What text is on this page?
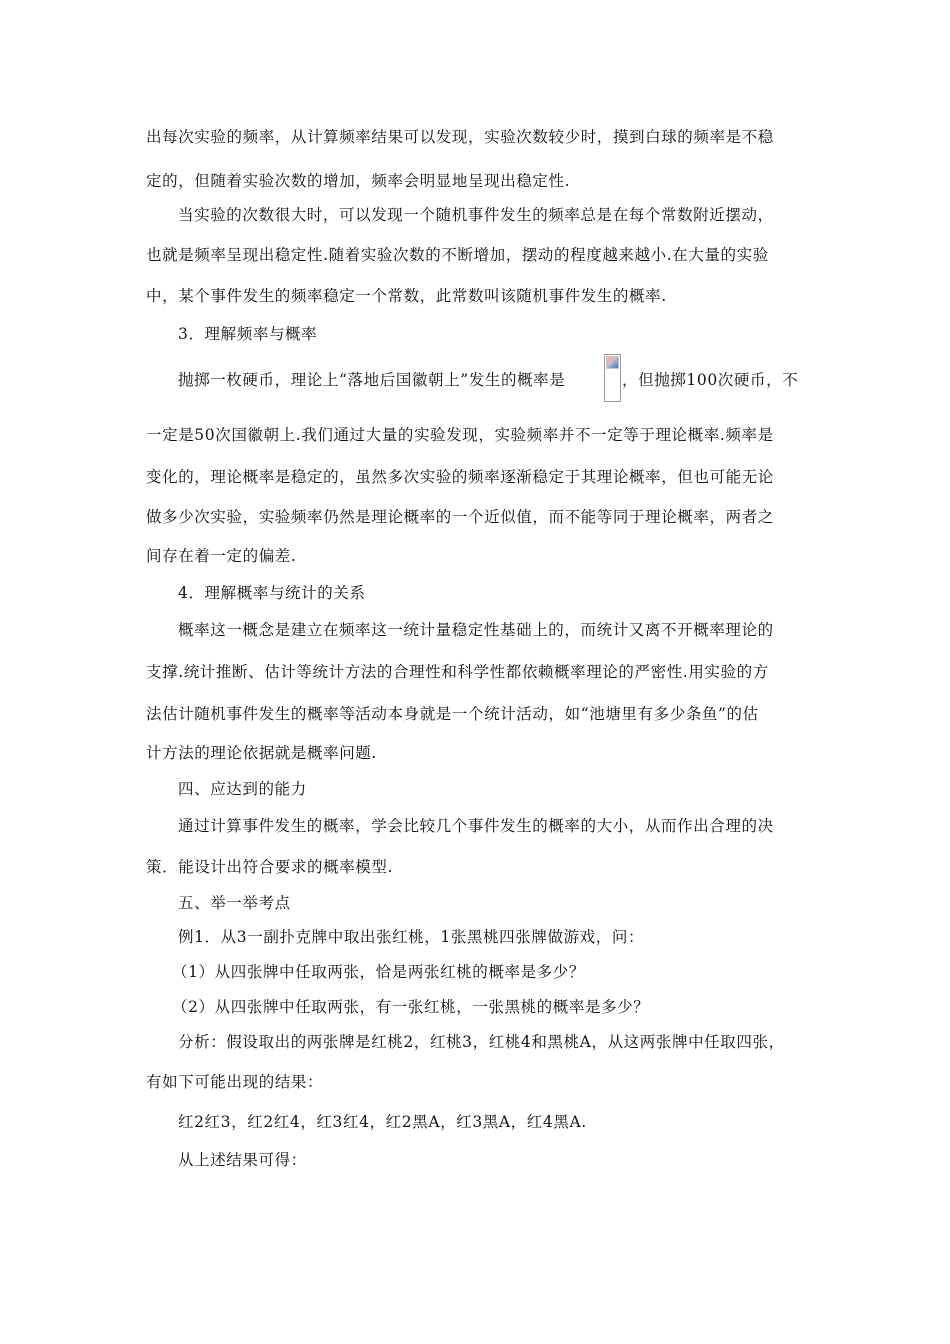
出每次实验的频率，从计算频率结果可以发现，实验次数较少时，摸到白球的频率是不稳
定的，但随着实验次数的增加，频率会明显地呈现出稳定性.
当实验的次数很大时，可以发现一个随机事件发生的频率总是在每个常数附近摆动，
也就是频率呈现出稳定性.随着实验次数的不断增加，摆动的程度越来越小.在大量的实验
中，某个事件发生的频率稳定一个常数，此常数叫该随机事件发生的概率.
3．理解频率与概率
抛掷一枚硬币，理论上“落地后国徽朝上”发生的概率是	，但抛掷100次硬币，不
一定是50次国徽朝上.我们通过大量的实验发现，实验频率并不一定等于理论概率.频率是
变化的，理论概率是稳定的，虽然多次实验的频率逐渐稳定于其理论概率，但也可能无论
做多少次实验，实验频率仍然是理论概率的一个近似值，而不能等同于理论概率，两者之
间存在着一定的偏差.
4．理解概率与统计的关系
概率这一概念是建立在频率这一统计量稳定性基础上的，而统计又离不开概率理论的
支撑.统计推断、估计等统计方法的合理性和科学性都依赖概率理论的严密性.用实验的方
法估计随机事件发生的概率等活动本身就是一个统计活动，如“池塘里有多少条鱼”的估
计方法的理论依据就是概率问题.
四、应达到的能力
通过计算事件发生的概率，学会比较几个事件发生的概率的大小，从而作出合理的决
策．能设计出符合要求的概率模型.
五、举一举考点
例1．从3一副扑克牌中取出张红桃，1张黑桃四张牌做游戏，问：
（1）从四张牌中任取两张，恰是两张红桃的概率是多少？
（2）从四张牌中任取两张，有一张红桃，一张黑桃的概率是多少？
分析：假设取出的两张牌是红桃2，红桃3，红桃4和黑桃A，从这两张牌中任取四张，
有如下可能出现的结果：
红2红3，红2红4，红3红4，红2黑A，红3黑A，红4黑A.
从上述结果可得：
